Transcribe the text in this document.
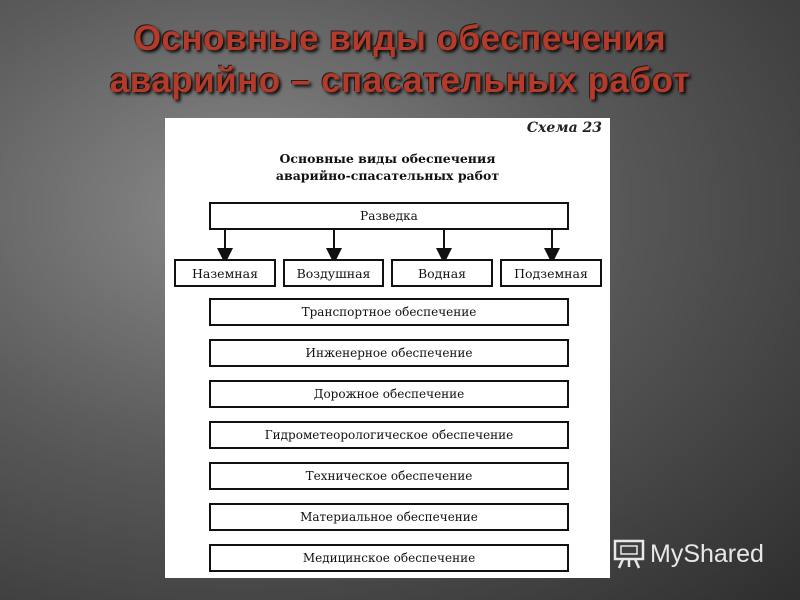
Основные виды обеспечения
аварийно – спасательных работ
Схема 23
Основные виды обеспечения
аварийно-спасательных работ
Разведка
Наземная	Воздушная	Водная	Подземная
Транспортное обеспечение
Инженерное обеспечение
Дорожное обеспечение
Гидрометеорологическое обеспечение
Техническое обеспечение
Материальное обеспечение
Медицинское обеспечение	MyShared
